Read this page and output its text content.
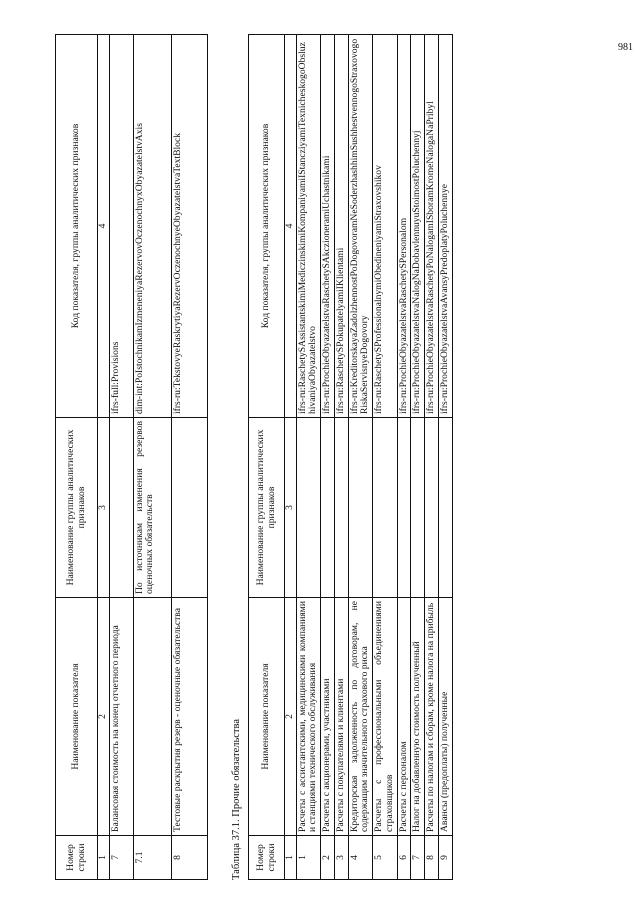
Номер строки	Наименование показателя	Наименование группы аналитических признаков	Код показателя, группы аналитических признаков
1	2	3	4
7	Балансовая стоимость на конец отчетного периода		ifrs-full:Provisions
7.1		По источникам изменения резервов оценочных обязательств	dim-int:PoIstochnikamIzmeneniyaRezervovOczenochnyxObyazatelstvAxis
8	Тестовые раскрытия резерв - оценочные обязательства		ifrs-ru:TekstovyeRaskrytiyaRezervOczenochnyeObyazatelstvaTextBlock
Таблица 37.1. Прочие обязательства Номер строки	Наименование показателя	Наименование группы аналитических признаков	Код показателя, группы аналитических признаков
1	2	3	4
1	Расчеты с ассистантскими, медицинскими компаниями и станциями технического обслуживания		ifrs-ru:RaschetySAssistantskimiMediczinskimiKompaniyamiIStancziyamiTexnicheskogoObsluzhivaniyaObyazatelstvo
2	Расчеты с акционерами, участниками		ifrs-ru:ProchieObyazatelstvaRaschetySAkczioneramiUchastnikami
3	Расчеты с покупателями и клиентами		ifrs-ru:RaschetySPokupatelyamiIKlientami
4	Кредиторская задолженность по договорам, не содержащим значительного страхового риска		ifrs-ru:KreditorskayaZadolzhennostPoDogovoramNeSoderzhashhimSushhestvennogoStraxovogoRiskaServisnyeDogovory
5	Расчеты с профессиональными объединениями страховщиков		ifrs-ru:RaschetySProfessionalnymiObedineniyamiStraxovshikov
6	Расчеты с персоналом		ifrs-ru:ProchieObyazatelstvaRaschetySPersonalom
7	Налог на добавленную стоимость полученный		ifrs-ru:ProchieObyazatelstvaNalogNaDobavlennuyuStoimostPoluchennyj
8	Расчеты по налогам и сборам, кроме налога на прибыль		ifrs-ru:ProchieObyazatelstvaRaschetyPoNalogamISboramKromeNalogaNaPribyl
9	Авансы (предоплаты) полученные		ifrs-ru:ProchieObyazatelstvaAvansyPredoplatyPoluchennye
981
